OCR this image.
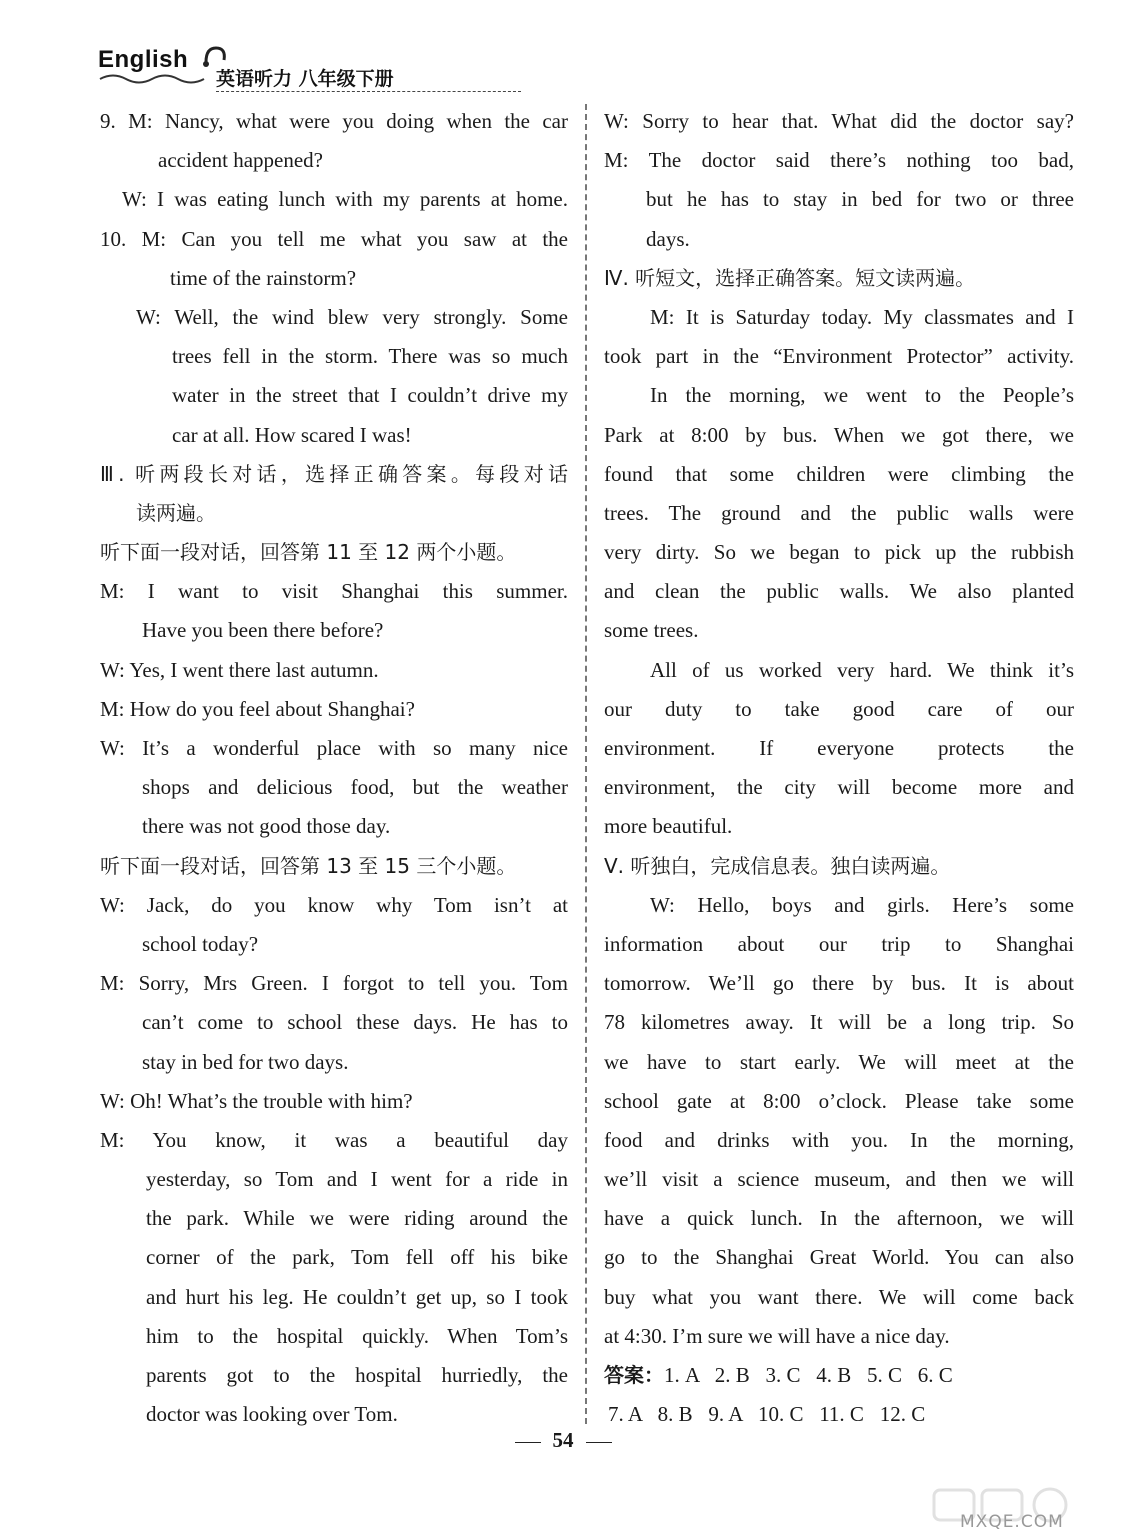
English
英语听力 八年级下册
9. M: Nancy, what were you doing when the car
accident happened?
W: I was eating lunch with my parents at home.
10. M: Can you tell me what you saw at the
time of the rainstorm?
W: Well, the wind blew very strongly. Some
trees fell in the storm. There was so much
water in the street that I couldn’t drive my
car at all. How scared I was!
Ⅲ. 听两段长对话，选择正确答案。每段对话
读两遍。
听下面一段对话，回答第 11 至 12 两个小题。
M: I want to visit Shanghai this summer.
Have you been there before?
W: Yes, I went there last autumn.
M: How do you feel about Shanghai?
W: It’s a wonderful place with so many nice
shops and delicious food, but the weather
there was not good those day.
听下面一段对话，回答第 13 至 15 三个小题。
W: Jack, do you know why Tom isn’t at
school today?
M: Sorry, Mrs Green. I forgot to tell you. Tom
can’t come to school these days. He has to
stay in bed for two days.
W: Oh! What’s the trouble with him?
M: You know, it was a beautiful day
yesterday, so Tom and I went for a ride in
the park. While we were riding around the
corner of the park, Tom fell off his bike
and hurt his leg. He couldn’t get up, so I took
him to the hospital quickly. When Tom’s
parents got to the hospital hurriedly, the
doctor was looking over Tom.
W: Sorry to hear that. What did the doctor say?
M: The doctor said there’s nothing too bad,
but he has to stay in bed for two or three
days.
Ⅳ. 听短文，选择正确答案。短文读两遍。
M: It is Saturday today. My classmates and I
took part in the “Environment Protector” activity.
In the morning, we went to the People’s
Park at 8:00 by bus. When we got there, we
found that some children were climbing the
trees. The ground and the public walls were
very dirty. So we began to pick up the rubbish
and clean the public walls. We also planted
some trees.
All of us worked very hard. We think it’s
our duty to take good care of our
environment. If everyone protects the
environment, the city will become more and
more beautiful.
Ⅴ. 听独白，完成信息表。独白读两遍。
W: Hello, boys and girls. Here’s some
information about our trip to Shanghai
tomorrow. We’ll go there by bus. It is about
78 kilometres away. It will be a long trip. So
we have to start early. We will meet at the
school gate at 8:00 o’clock. Please take some
food and drinks with you. In the morning,
we’ll visit a science museum, and then we will
have a quick lunch. In the afternoon, we will
go to the Shanghai Great World. You can also
buy what you want there. We will come back
at 4:30. I’m sure we will have a nice day.
答案：1. A   2. B   3. C   4. B   5. C   6. C
7. A   8. B   9. A   10. C   11. C   12. C
54
MXQE.COM
